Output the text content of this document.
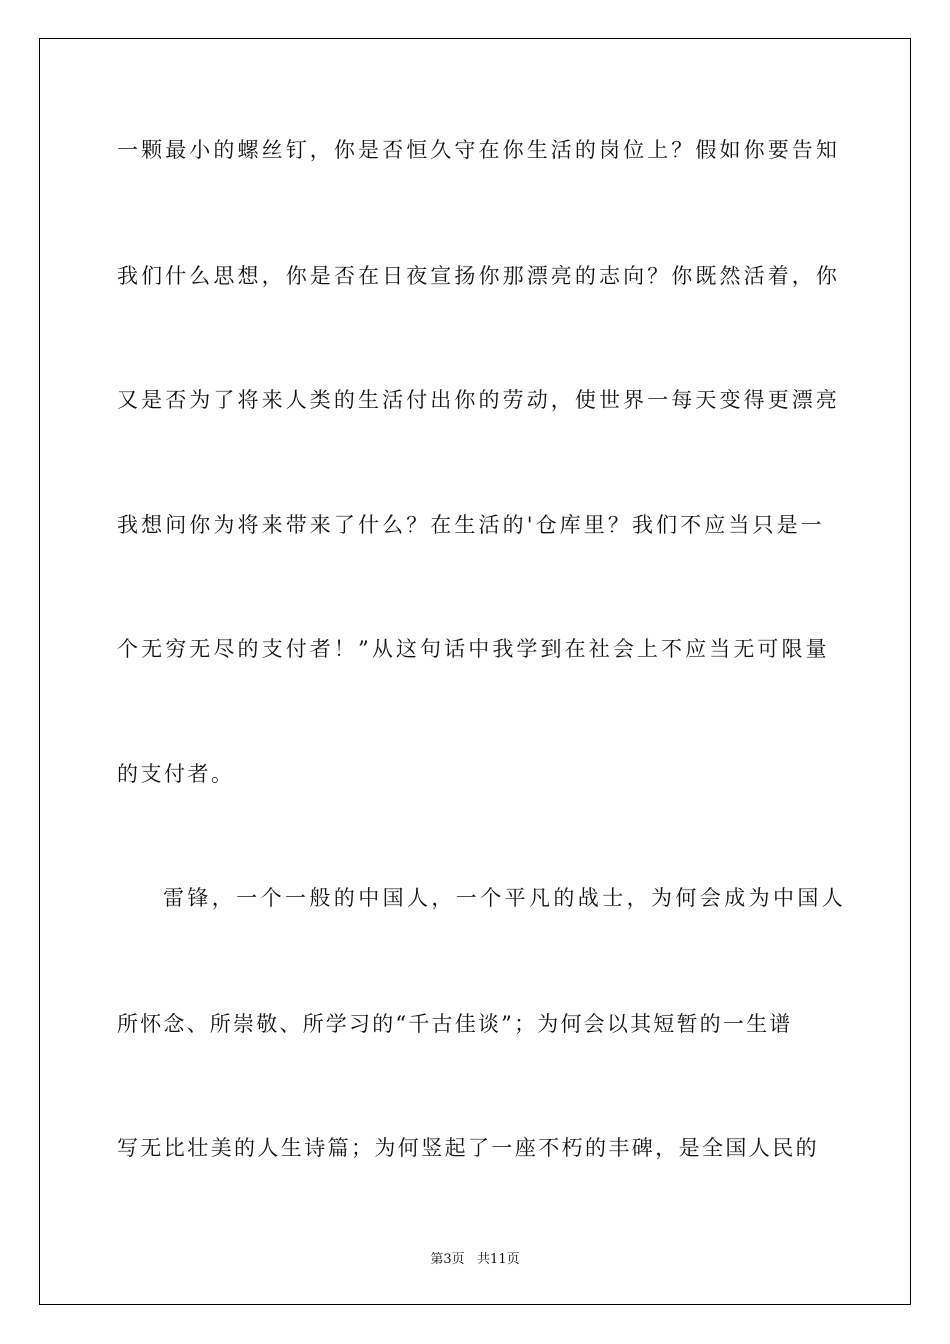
一颗最小的螺丝钉，你是否恒久守在你生活的岗位上？假如你要告知
我们什么思想，你是否在日夜宣扬你那漂亮的志向？你既然活着，你
又是否为了将来人类的生活付出你的劳动，使世界一每天变得更漂亮
我想问你为将来带来了什么？在生活的'仓库里？我们不应当只是一
个无穷无尽的支付者！”从这句话中我学到在社会上不应当无可限量
的支付者。
雷锋，一个一般的中国人，一个平凡的战士，为何会成为中国人
所怀念、所崇敬、所学习的“千古佳谈”；为何会以其短暂的一生谱
写无比壮美的人生诗篇；为何竖起了一座不朽的丰碑，是全国人民的
第3页   共11页
